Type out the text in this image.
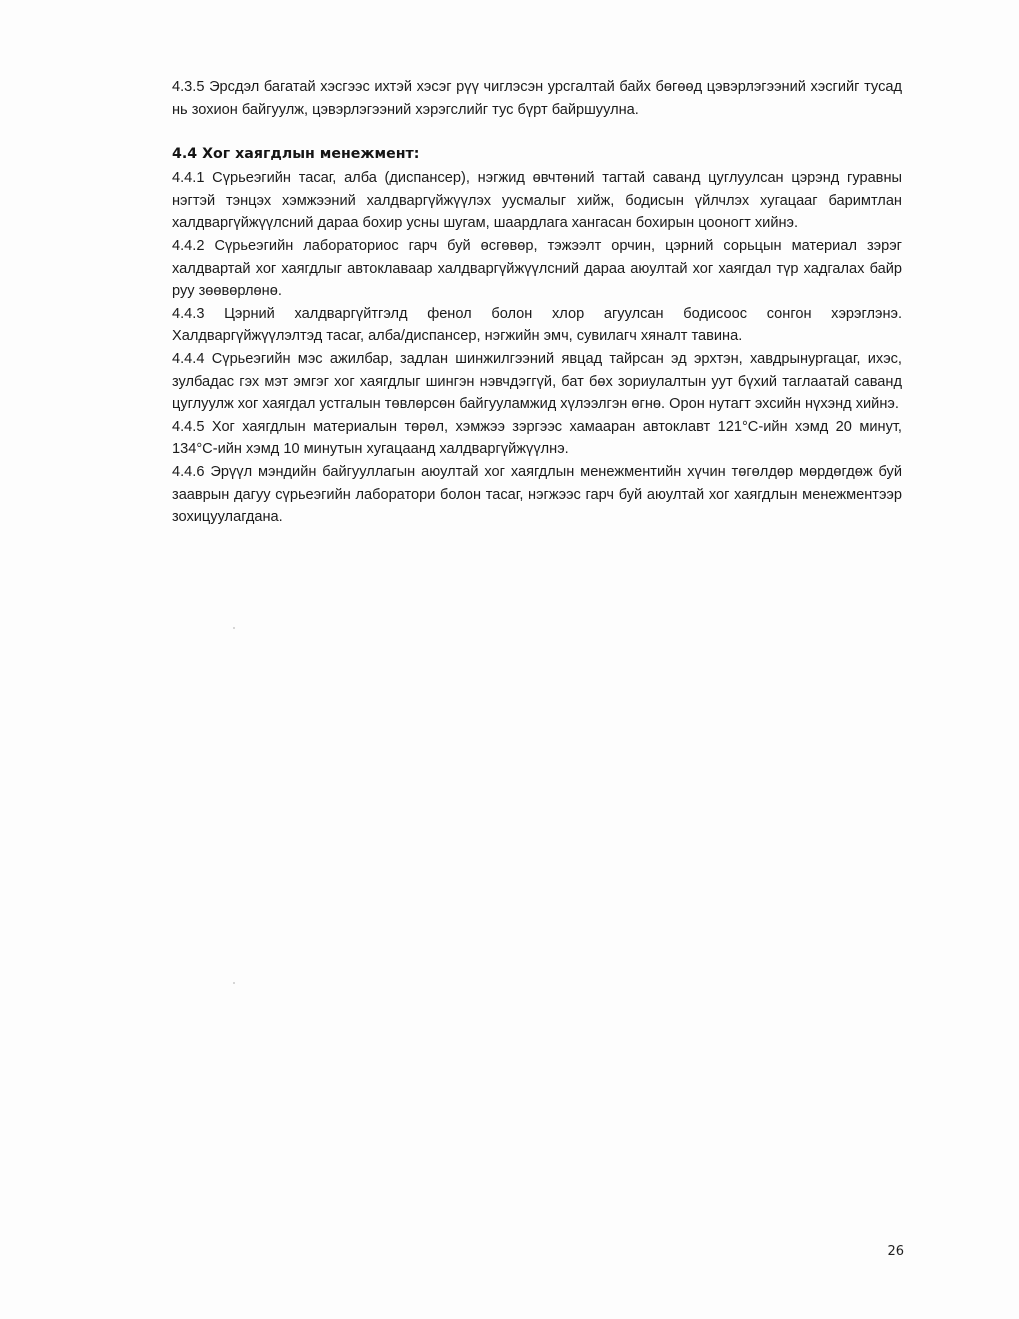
4.3.5 Эрсдэл багатай хэсгээс ихтэй хэсэг рүү чиглэсэн урсгалтай байх бөгөөд цэвэрлэгээний хэсгийг тусад нь зохион байгуулж, цэвэрлэгээний хэрэгслийг тус бүрт байршуулна.

4.4 Хог хаягдлын менежмент:

4.4.1 Сүрьеэгийн тасаг, алба (диспансер), нэгжид өвчтөний тагтай саванд цуглуулсан цэрэнд гуравны нэгтэй тэнцэх хэмжээний халдваргүйжүүлэх уусмалыг хийж, бодисын үйлчлэх хугацааг баримтлан халдваргүйжүүлсний дараа бохир усны шугам, шаардлага хангасан бохирын цооногт хийнэ.

4.4.2 Сүрьеэгийн лабораториос гарч буй өсгөвөр, тэжээлт орчин, цэрний сорьцын материал зэрэг халдвартай хог хаягдлыг автоклаваар халдваргүйжүүлсний дараа аюултай хог хаягдал түр хадгалах байр руу зөөвөрлөнө.

4.4.3 Цэрний халдваргүйтгэлд фенол болон хлор агуулсан бодисоос сонгон хэрэглэнэ. Халдваргүйжүүлэлтэд тасаг, алба/диспансер, нэгжийн эмч, сувилагч хяналт тавина.

4.4.4 Сүрьеэгийн мэс ажилбар, задлан шинжилгээний явцад тайрсан эд эрхтэн, хавдрынургацаг, ихэс, зулбадас гэх мэт эмгэг хог хаягдлыг шингэн нэвчдэггүй, бат бөх зориулалтын уут бүхий таглаатай саванд цуглуулж хог хаягдал устгалын төвлөрсөн байгууламжид хүлээлгэн өгнө. Орон нутагт эхсийн нүхэнд хийнэ.

4.4.5 Хог хаягдлын материалын төрөл, хэмжээ зэргээс хамааран автоклавт 121°С-ийн хэмд 20 минут, 134°С-ийн хэмд 10 минутын хугацаанд халдваргүйжүүлнэ.

4.4.6 Эрүүл мэндийн байгууллагын аюултай хог хаягдлын менежментийн хүчин төгөлдөр мөрдөгдөж буй зааврын дагуу сүрьеэгийн лаборатори болон тасаг, нэгжээс гарч буй аюултай хог хаягдлын менежментээр зохицуулагдана.

26
